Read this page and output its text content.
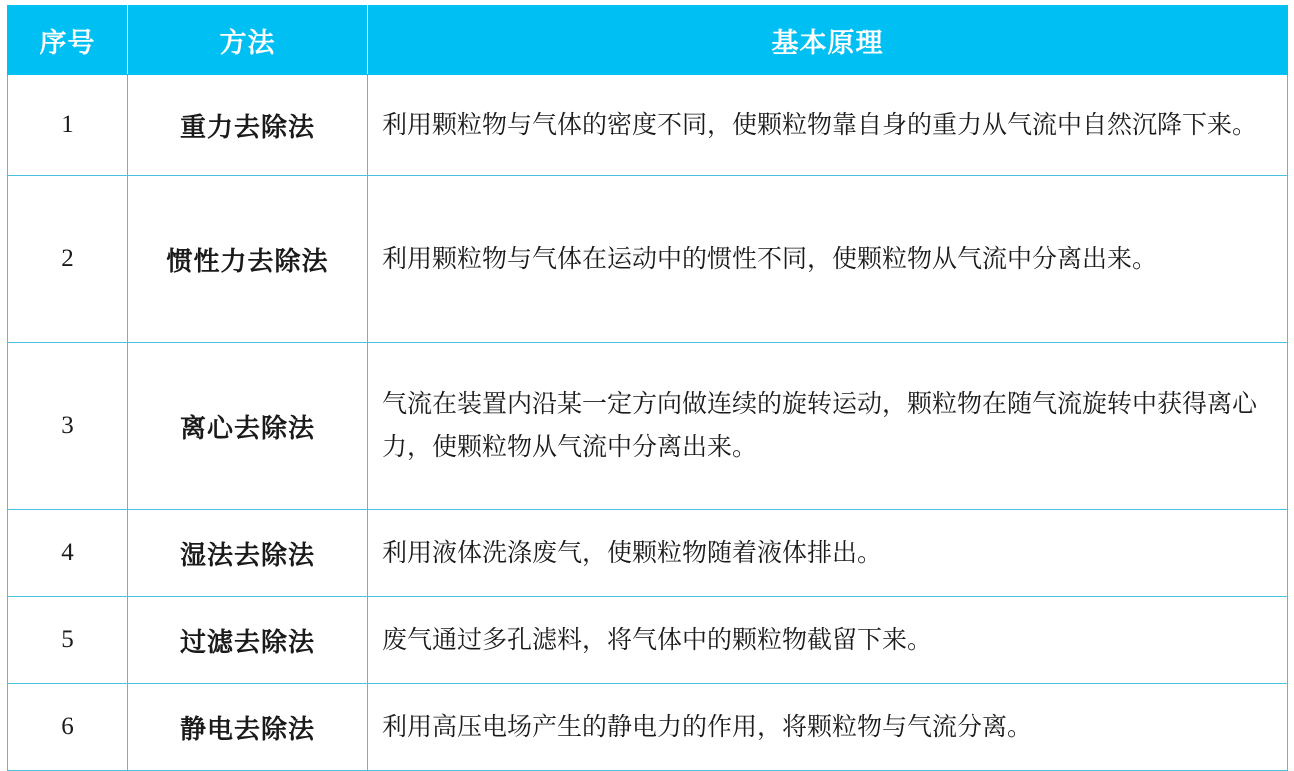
序号	方法	基本原理
1	重力去除法	利用颗粒物与气体的密度不同，使颗粒物靠自身的重力从气流中自然沉降下来。
2	惯性力去除法	利用颗粒物与气体在运动中的惯性不同，使颗粒物从气流中分离出来。
3	离心去除法	气流在装置内沿某一定方向做连续的旋转运动，颗粒物在随气流旋转中获得离心力，使颗粒物从气流中分离出来。
4	湿法去除法	利用液体洗涤废气，使颗粒物随着液体排出。
5	过滤去除法	废气通过多孔滤料，将气体中的颗粒物截留下来。
6	静电去除法	利用高压电场产生的静电力的作用，将颗粒物与气流分离。
